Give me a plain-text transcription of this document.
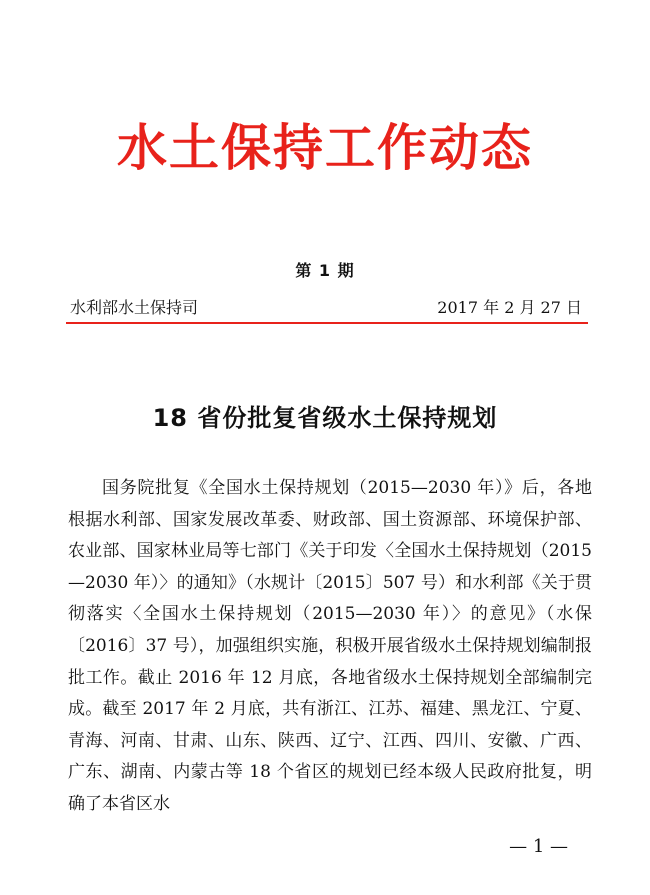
水土保持工作动态
第 1 期
水利部水土保持司	2017 年 2 月 27 日
18 省份批复省级水土保持规划

国务院批复《全国水土保持规划（2015—2030 年）》后，各地根据水利部、国家发展改革委、财政部、国土资源部、环境保护部、农业部、国家林业局等七部门《关于印发〈全国水土保持规划（2015—2030 年）〉的通知》（水规计〔2015〕507 号）和水利部《关于贯彻落实〈全国水土保持规划（2015—2030 年）〉的意见》（水保〔2016〕37 号），加强组织实施，积极开展省级水土保持规划编制报批工作。截止 2016 年 12 月底，各地省级水土保持规划全部编制完成。截至 2017 年 2 月底，共有浙江、江苏、福建、黑龙江、宁夏、青海、河南、甘肃、山东、陕西、辽宁、江西、四川、安徽、广西、广东、湖南、内蒙古等 18 个省区的规划已经本级人民政府批复，明确了本省区水

— 1 —
